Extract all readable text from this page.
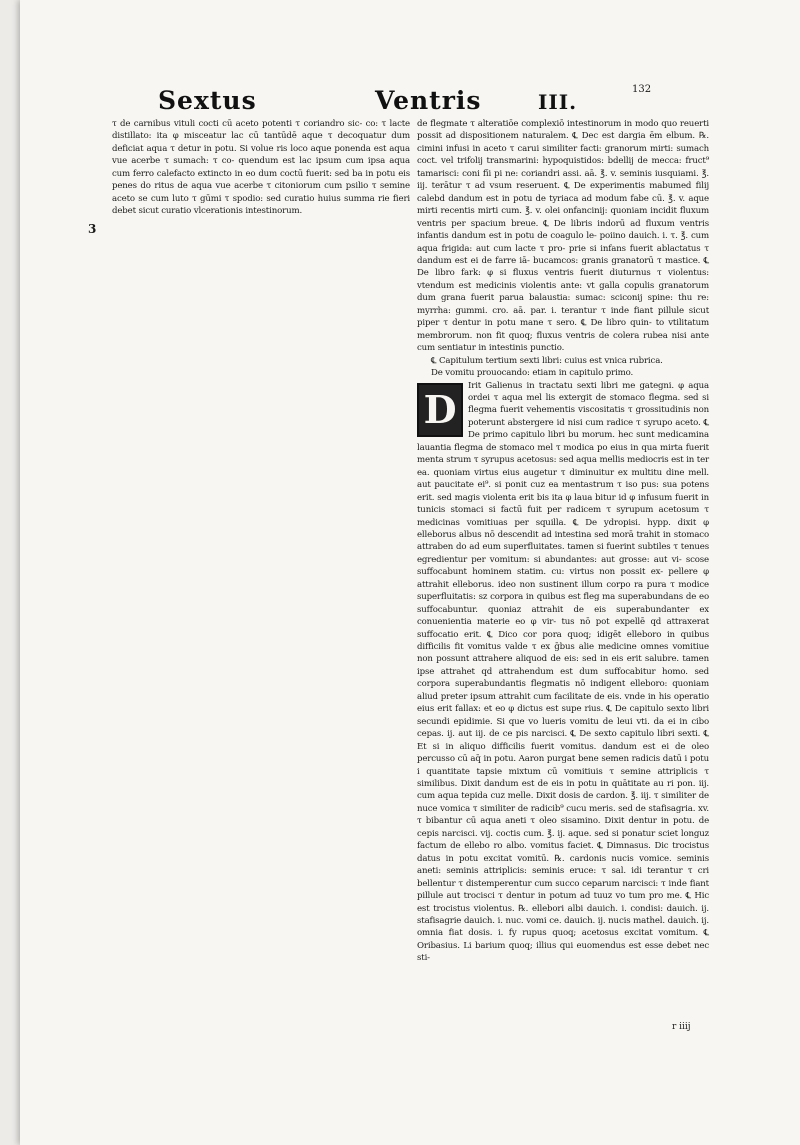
Sextus	Ventris	III.
132
3

τ de carnibus vituli cocti cū aceto potenti τ coriandro sic- co: τ lacte distillato: ita φ misceatur lac cū tantūdē aque τ decoquatur dum deficiat aqua τ detur in potu. Si volue ris loco aque ponenda est aqua vue acerbe τ sumach: τ co- quendum est lac ipsum cum ipsa aqua cum ferro calefacto extincto in eo dum coctū fuerit: sed ba in potu eis penes do ritus de aqua vue acerbe τ citoniorum cum psilio τ semine aceto se cum luto τ gūmi τ spodio: sed curatio huius summa rie fieri debet sicut curatio vlcerationis intestinorum.

de flegmate τ alteratiōe complexiō intestinorum in modo quo reuerti possit ad dispositionem naturalem. ℄ Dec est dargia ēm elbum. ℞. cimini infusi in aceto τ carui similiter facti: granorum mirti: sumach coct. vel trifolij transmarini: hypoquistidos: bdellij de mecca: fruct⁹ tamarisci: coni fīi pi ne: coriandri assi. aā. ℥. v. seminis iusquiami. ℥. iij. terātur τ ad vsum reseruent. ℄ De experimentis mabumed filij calebd dandum est in potu de tyriaca ad modum fabe cū. ℥. v. aque mirti recentis mirti cum. ℥. v. olei onfancinij: quoniam incidit fluxum ventris per spacium breue. ℄ De libris indorū ad fluxum ventris infantis dandum est in potu de coagulo le- poiino dauich. i. τ. ℥. cum aqua frigida: aut cum lacte τ pro- prie si infans fuerit ablactatus τ dandum est ei de farre iā- bucamcos: granis granatorū τ mastice. ℄ De libro fark: φ si fluxus ventris fuerit diuturnus τ violentus: vtendum est medicinis violentis ante: vt galla copulis granatorum dum grana fuerit parua balaustia: sumac: sciconij spine: thu re: myrrha: gummi. cro. aā. par. i. terantur τ inde fiant pillule sicut piper τ dentur in potu mane τ sero. ℄ De libro quin- to vtilitatum membrorum. non fit quoq; fluxus ventris de colera rubea nisi ante cum sentiatur in intestinis punctio.

℄ Capitulum tertium sexti libri: cuius est vnica rubrica.

De vomitu prouocando: etiam in capitulo primo.

D

Irit Galienus in tractatu sexti libri me gategni. φ aqua ordei τ aqua mel lis extergit de stomaco flegma. sed si flegma fuerit vehementis viscositatis τ grossitudinis non poterunt abstergere id nisi cum radice τ syrupo aceto. ℄ De primo capitulo libri bu morum. hec sunt medicamina lauantia flegma de stomaco mel τ modica po eius in qua mirta fuerit menta strum τ syrupus acetosus: sed aqua mellis mediocris est in ter ea. quoniam virtus eius augetur τ diminuitur ex multitu dine mell. aut paucitate ei⁹. si ponit cuz ea mentastrum τ iso pus: sua potens erit. sed magis violenta erit bis ita φ laua bitur id φ infusum fuerit in tunicis stomaci si factū fuit per radicem τ syrupum acetosum τ medicinas vomitiuas per squilla. ℄ De ydropisi. hypp. dixit φ elleborus albus nō descendit ad intestina sed morā trahit in stomaco attraben do ad eum superfluitates. tamen si fuerint subtiles τ tenues egredientur per vomitum: si abundantes: aut grosse: aut vi- scose suffocabunt hominem statim. cu: virtus non possit ex- pellere φ attrahit elleborus. ideo non sustinent illum corpo ra pura τ modice superfluitatis: sz corpora in quibus est fleg ma superabundans de eo suffocabuntur. quoniaz attrahit de eis superabundanter ex conuenientia materie eo φ vir- tus nō pot expellē qd attraxerat suffocatio erit. ℄ Dico cor pora quoq; idigēt elleboro in quibus difficilis fit vomitus valde τ ex ḡbus alie medicine omnes vomitiue non possunt attrahere aliquod de eis: sed in eis erit salubre. tamen ipse attrahet qd attrahendum est dum suffocabitur homo. sed corpora superabundantis flegmatis nō indigent elleboro: quoniam aliud preter ipsum attrahit cum facilitate de eis. vnde in his operatio eius erit fallax: et eo φ dictus est supe rius. ℄ De capitulo sexto libri secundi epidimie. Si que vo lueris vomitu de leui vti. da ei in cibo cepas. ij. aut iij. de ce pis narcisci. ℄ De sexto capitulo libri sexti. ℄ Et si in aliquo difficilis fuerit vomitus. dandum est ei de oleo percusso cū aq̄ in potu. Aaron purgat bene semen radicis datū i potu i quantitate tapsie mixtum cū vomitiuis τ semine attriplicis τ similibus. Dixit dandum est de eis in potu in quātitate au ri pon. iij. cum aqua tepida cuz melle. Dixit dosis de cardon. ℥. iij. τ similiter de nuce vomica τ similiter de radicib⁹ cucu meris. sed de stafisagria. xv. τ bibantur cū aqua aneti τ oleo sisamino. Dixit dentur in potu. de cepis narcisci. vij. coctis cum. ℥. ij. aque. sed si ponatur sciet longuz factum de ellebo ro albo. vomitus faciet. ℄ Dimnasus. Dic trocistus datus in potu excitat vomitū. ℞. cardonis nucis vomice. seminis aneti: seminis attriplicis: seminis eruce: τ sal. idi terantur τ cri bellentur τ distemperentur cum succo ceparum narcisci: τ inde fiant pillule aut trocisci τ dentur in potum ad tuuz vo tum pro me. ℄ Hic est trocistus violentus. ℞. ellebori albi dauich. i. condisi: dauich. ij. stafisagrie dauich. i. nuc. vomi ce. dauich. ij. nucis mathel. dauich. ij. omnia fiat dosis. i. fy rupus quoq; acetosus excitat vomitum. ℄ Oribasius. Li barium quoq; illius qui euomendus est esse debet nec sti-

r iiij
